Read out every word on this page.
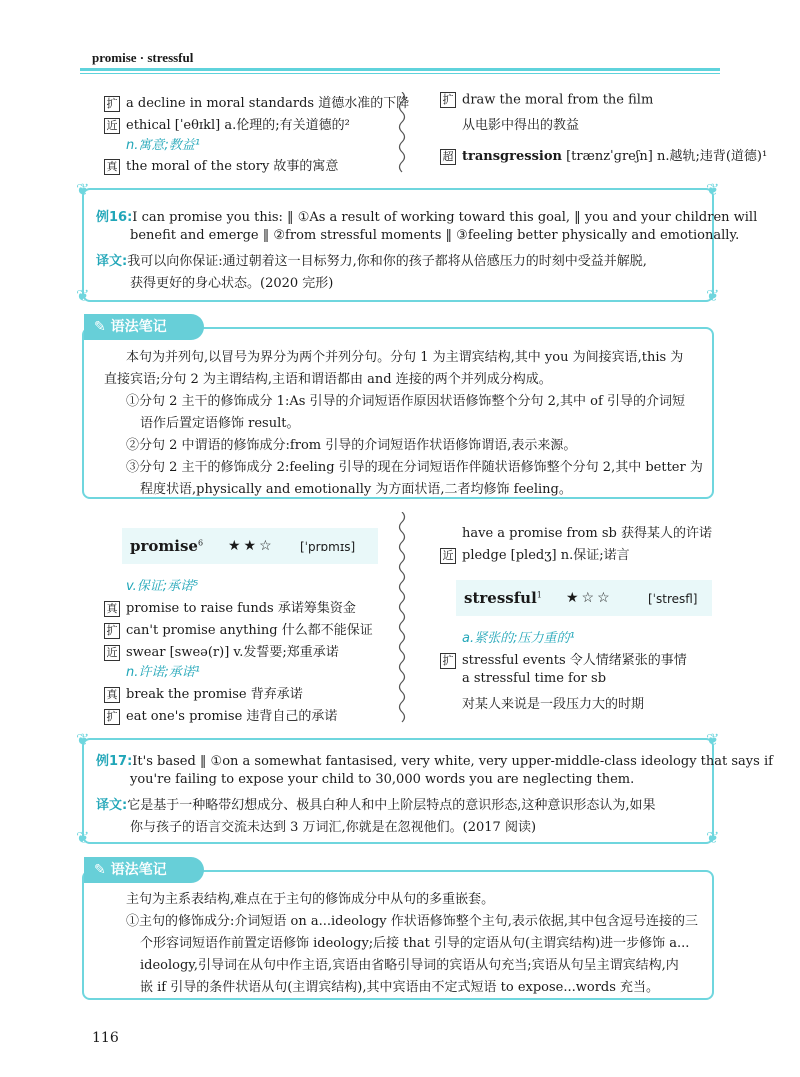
promise · stressful
扩 a decline in moral standards 道德水准的下降
近 ethical [ˈeθɪkl] a.伦理的;有关道德的²
n.寓意;教益¹
真 the moral of the story 故事的寓意
扩 draw the moral from the film
从电影中得出的教益
超 transgression [trænzˈɡreʃn] n.越轨;违背(道德)¹
❦	❦
❦	❦
例16:I can promise you this: ‖ ①As a result of working toward this goal, ‖ you and your children will
benefit and emerge ‖ ②from stressful moments ‖ ③feeling better physically and emotionally.
译文:我可以向你保证:通过朝着这一目标努力,你和你的孩子都将从倍感压力的时刻中受益并解脱,
获得更好的身心状态。(2020 完形)
✎ 语法笔记
本句为并列句,以冒号为界分为两个并列分句。分句 1 为主谓宾结构,其中 you 为间接宾语,this 为
直接宾语;分句 2 为主谓结构,主语和谓语都由 and 连接的两个并列成分构成。
①分句 2 主干的修饰成分 1:As 引导的介词短语作原因状语修饰整个分句 2,其中 of 引导的介词短
语作后置定语修饰 result。
②分句 2 中谓语的修饰成分:from 引导的介词短语作状语修饰谓语,表示来源。
③分句 2 主干的修饰成分 2:feeling 引导的现在分词短语作伴随状语修饰整个分句 2,其中 better 为
程度状语,physically and emotionally 为方面状语,二者均修饰 feeling。
promise$^6$ ★★☆ [ˈprɒmɪs]
v.保证;承诺⁵
真 promise to raise funds 承诺筹集资金
扩 can't promise anything 什么都不能保证
近 swear [sweə(r)] v.发誓要;郑重承诺
n.许诺;承诺¹
真 break the promise 背弃承诺
扩 eat one's promise 违背自己的承诺
have a promise from sb 获得某人的许诺
近 pledge [pledʒ] n.保证;诺言
stressful$^1$ ★☆☆	[ˈstresfl]
a.紧张的;压力重的¹
扩 stressful events 令人情绪紧张的事情
a stressful time for sb
对某人来说是一段压力大的时期
❦	❦
❦	❦
例17:It's based ‖ ①on a somewhat fantasised, very white, very upper-middle-class ideology that says if
you're failing to expose your child to 30,000 words you are neglecting them.
译文:它是基于一种略带幻想成分、极具白种人和中上阶层特点的意识形态,这种意识形态认为,如果
你与孩子的语言交流未达到 3 万词汇,你就是在忽视他们。(2017 阅读)
✎ 语法笔记
主句为主系表结构,难点在于主句的修饰成分中从句的多重嵌套。
①主句的修饰成分:介词短语 on a...ideology 作状语修饰整个主句,表示依据,其中包含逗号连接的三
个形容词短语作前置定语修饰 ideology;后接 that 引导的定语从句(主谓宾结构)进一步修饰 a...
ideology,引导词在从句中作主语,宾语由省略引导词的宾语从句充当;宾语从句呈主谓宾结构,内
嵌 if 引导的条件状语从句(主谓宾结构),其中宾语由不定式短语 to expose...words 充当。
116
